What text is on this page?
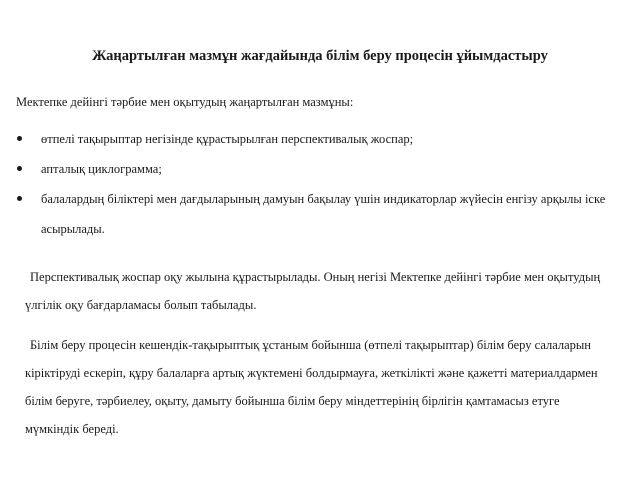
Жаңартылған мазмұн жағдайында білім беру процесін ұйымдастыру

Мектепке дейінгі тәрбие мен оқытудың жаңартылған мазмұны:

өтпелі тақырыптар негізінде құрастырылған перспективалық жоспар;
апталық циклограмма;
балалардың біліктері мен дағдыларының дамуын бақылау үшін индикаторлар жүйесін енгізу арқылы іске асырылады.

Перспективалық жоспар оқу жылына құрастырылады. Оның негізі Мектепке дейінгі тәрбие мен оқытудың үлгілік оқу бағдарламасы болып табылады.

Білім беру процесін кешендік-тақырыптық ұстаным бойынша (өтпелі тақырыптар) білім беру салаларын кіріктіруді ескеріп, құру балаларға артық жүктемені болдырмауға, жеткілікті және қажетті материалдармен білім беруге, тәрбиелеу, оқыту, дамыту бойынша білім беру міндеттерінің бірлігін қамтамасыз етуге мүмкіндік береді.
